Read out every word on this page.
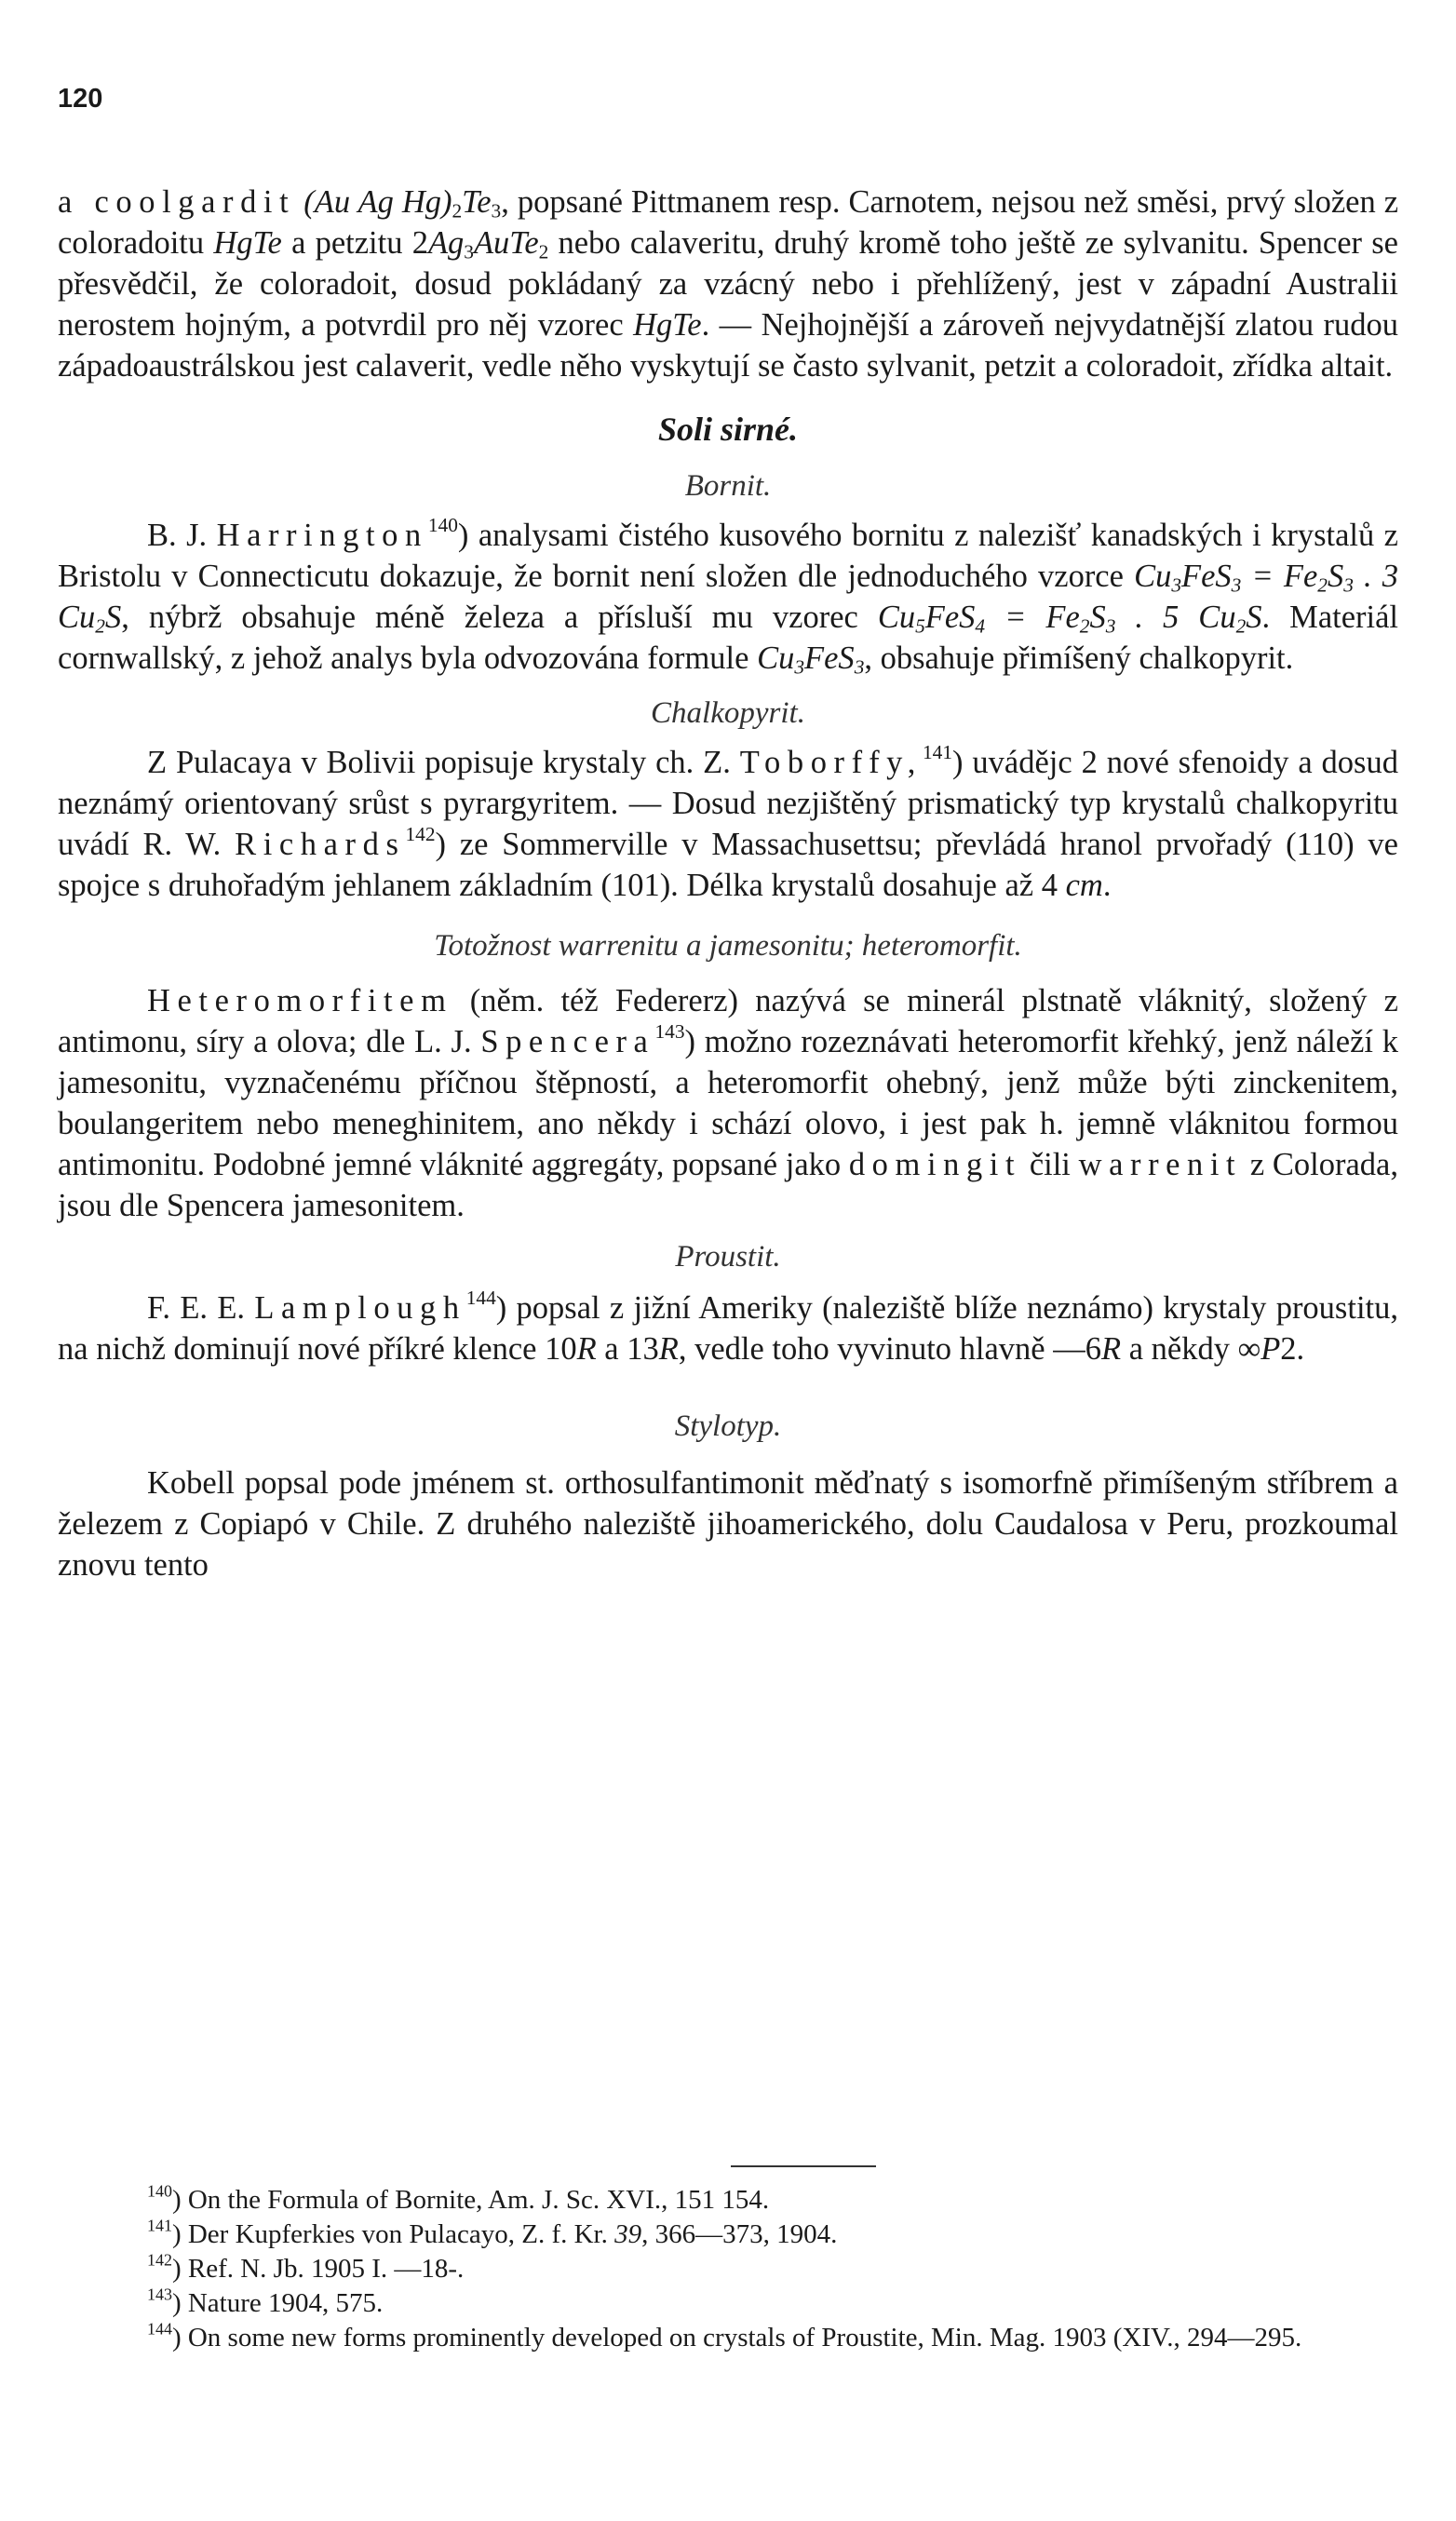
120

a coolgardit (Au Ag $Hg)_2Te_3$, popsané Pittmanem resp. Carnotem, nejsou než směsi, prvý složen z coloradoitu HgTe a petzitu $2Ag_3AuTe_2$ nebo calaveritu, druhý kromě toho ještě ze sylvanitu. Spencer se přesvědčil, že coloradoit, dosud pokládaný za vzácný nebo i přehlížený, jest v západní Australii nerostem hojným, a potvrdil pro něj vzorec HgTe. — Nejhojnější a zároveň nejvydatnější zlatou rudou západoaustrálskou jest calaverit, vedle něho vyskytují se často sylvanit, petzit a coloradoit, zřídka altait.

Soli sirné.

Bornit.

B. J. Harrington$^{140}$) analysami čistého kusového bornitu z nalezišť kanadských i krystalů z Bristolu v Connecticutu dokazuje, že bornit není složen dle jednoduchého vzorce $Cu_3FeS_3 = Fe_2S_3$ . 3 $Cu_2S$, nýbrž obsahuje méně železa a přísluší mu vzorec $Cu_5FeS_4 = Fe_2S_3$ . 5 $Cu_2S$. Materiál cornwallský, z jehož analys byla odvozována formule $Cu_3FeS_3$, obsahuje přimíšený chalkopyrit.

Chalkopyrit.

Z Pulacaya v Bolivii popisuje krystaly ch. Z. Toborffy,$^{141}$) uvádějc 2 nové sfenoidy a dosud neznámý orientovaný srůst s pyrargyritem. — Dosud nezjištěný prismatický typ krystalů chalkopyritu uvádí R. W. Richards$^{142}$) ze Sommerville v Massachusettsu; převládá hranol prvořadý (110) ve spojce s druhořadým jehlanem základním (101). Délka krystalů dosahuje až 4 cm.

Totožnost warrenitu a jamesonitu; heteromorfit.

Heteromorfitem (něm. též Federerz) nazývá se minerál plstnatě vláknitý, složený z antimonu, síry a olova; dle L. J. Spencera$^{143}$) možno rozeznávati heteromorfit křehký, jenž náleží k jamesonitu, vyznačenému příčnou štěpností, a heteromorfit ohebný, jenž může býti zinckenitem, boulangeritem nebo meneghinitem, ano někdy i schází olovo, i jest pak h. jemně vláknitou formou antimonitu. Podobné jemné vláknité aggregáty, popsané jako domingit čili warrenit z Colorada, jsou dle Spencera jamesonitem.

Proustit.

F. E. E. Lamplough$^{144}$) popsal z jižní Ameriky (naleziště blíže neznámo) krystaly proustitu, na nichž dominují nové příkré klence 10R a 13R, vedle toho vyvinuto hlavně —6R a někdy ∞P2.

Stylotyp.

Kobell popsal pode jménem st. orthosulfantimonit měďnatý s isomorfně přimíšeným stříbrem a železem z Copiapó v Chile. Z druhého naleziště jihoamerického, dolu Caudalosa v Peru, prozkoumal znovu tento

$^{140}$) On the Formula of Bornite, Am. J. Sc. XVI., 151 154.

$^{141}$) Der Kupferkies von Pulacayo, Z. f. Kr. 39, 366—373, 1904.

$^{142}$) Ref. N. Jb. 1905 I. —18-.

$^{143}$) Nature 1904, 575.

$^{144}$) On some new forms prominently developed on crystals of Proustite, Min. Mag. 1903 (XIV., 294—295.
